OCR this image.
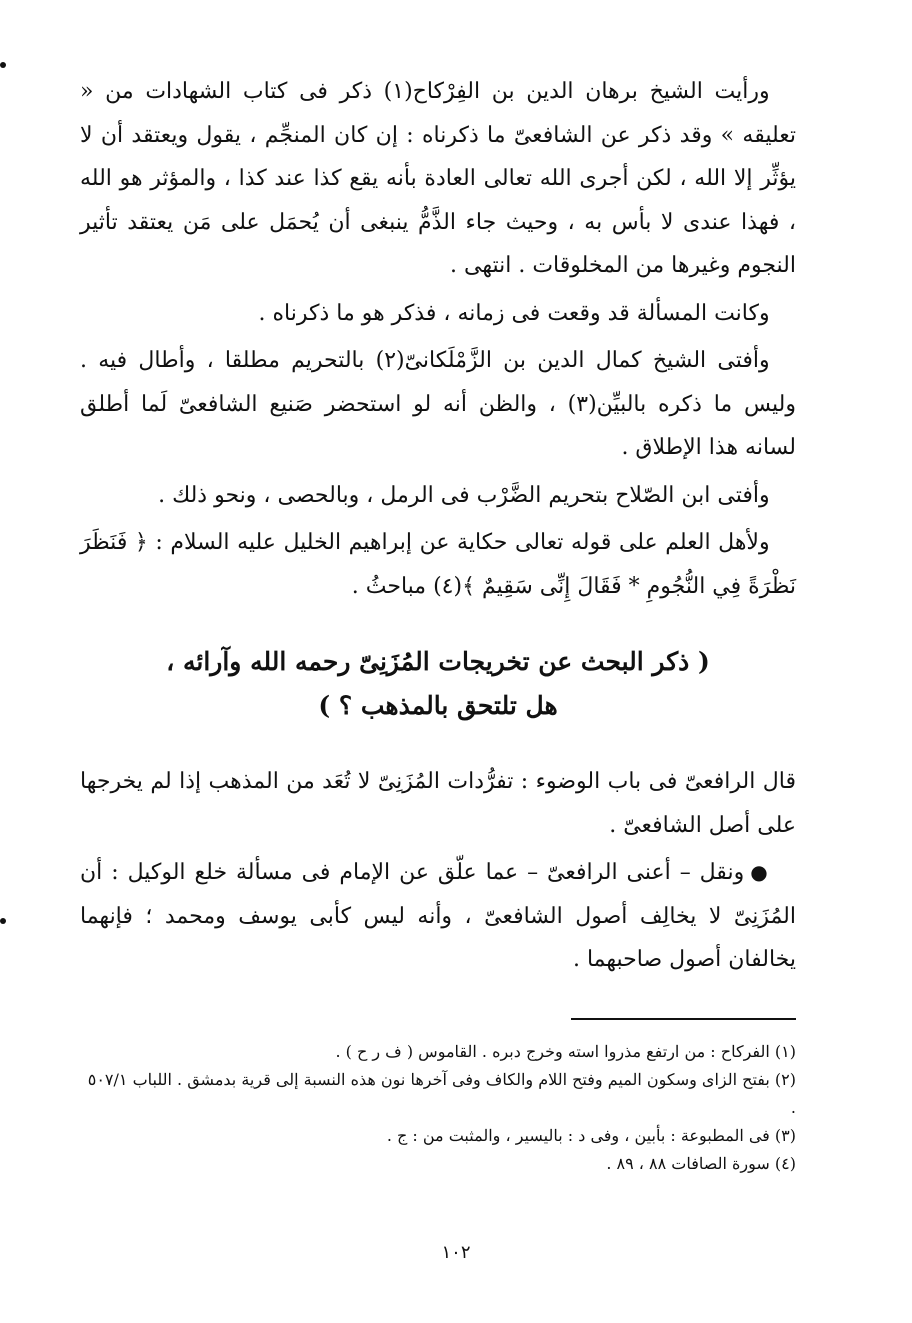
ورأيت الشيخ برهان الدين بن الفِرْكاح(١) ذكر فى كتاب الشهادات من « تعليقه » وقد ذكر عن الشافعىّ ما ذكرناه : إن كان المنجِّم ، يقول ويعتقد أن لا يؤثِّر إلا الله ، لكن أجرى الله تعالى العادة بأنه يقع كذا عند كذا ، والمؤثر هو الله ، فهذا عندى لا بأس به ، وحيث جاء الذَّمُّ ينبغى أن يُحمَل على مَن يعتقد تأثير النجوم وغيرها من المخلوقات . انتهى .

وكانت المسألة قد وقعت فى زمانه ، فذكر هو ما ذكرناه .

وأفتى الشيخ كمال الدين بن الزَّمْلَكانىّ(٢) بالتحريم مطلقا ، وأطال فيه . وليس ما ذكره بالبيِّن(٣) ، والظن أنه لو استحضر صَنيع الشافعىّ لَما أطلق لسانه هذا الإطلاق .

وأفتى ابن الصّلاح بتحريم الضَّرْب فى الرمل ، وبالحصى ، ونحو ذلك .

ولأهل العلم على قوله تعالى حكاية عن إبراهيم الخليل عليه السلام : ﴿ فَنَظَرَ نَظْرَةً فِي النُّجُومِ * فَقَالَ إِنِّى سَقِيمٌ ﴾(٤) مباحثُ .

( ذكر البحث عن تخريجات المُزَنِىّ رحمه الله وآرائه ،
هل تلتحق بالمذهب ؟ )

قال الرافعىّ فى باب الوضوء : تفرُّدات المُزَنِىّ لا تُعَد من المذهب إذا لم يخرجها على أصل الشافعىّ .

●ونقل – أعنى الرافعىّ – عما علّق عن الإمام فى مسألة خلع الوكيل : أن المُزَنِىّ لا يخالِف أصول الشافعىّ ، وأنه ليس كأبى يوسف ومحمد ؛ فإنهما يخالفان أصول صاحبهما .

(١) الفركاح : من ارتفع مذروا استه وخرج دبره . القاموس ( ف ر ح ) .

(٢) بفتح الزاى وسكون الميم وفتح اللام والكاف وفى آخرها نون هذه النسبة إلى قرية بدمشق . اللباب ٥٠٧/١ .

(٣) فى المطبوعة : بأبين ، وفى د : باليسير ، والمثبت من : ج .

(٤) سورة الصافات ٨٨ ، ٨٩ .

١٠٢
